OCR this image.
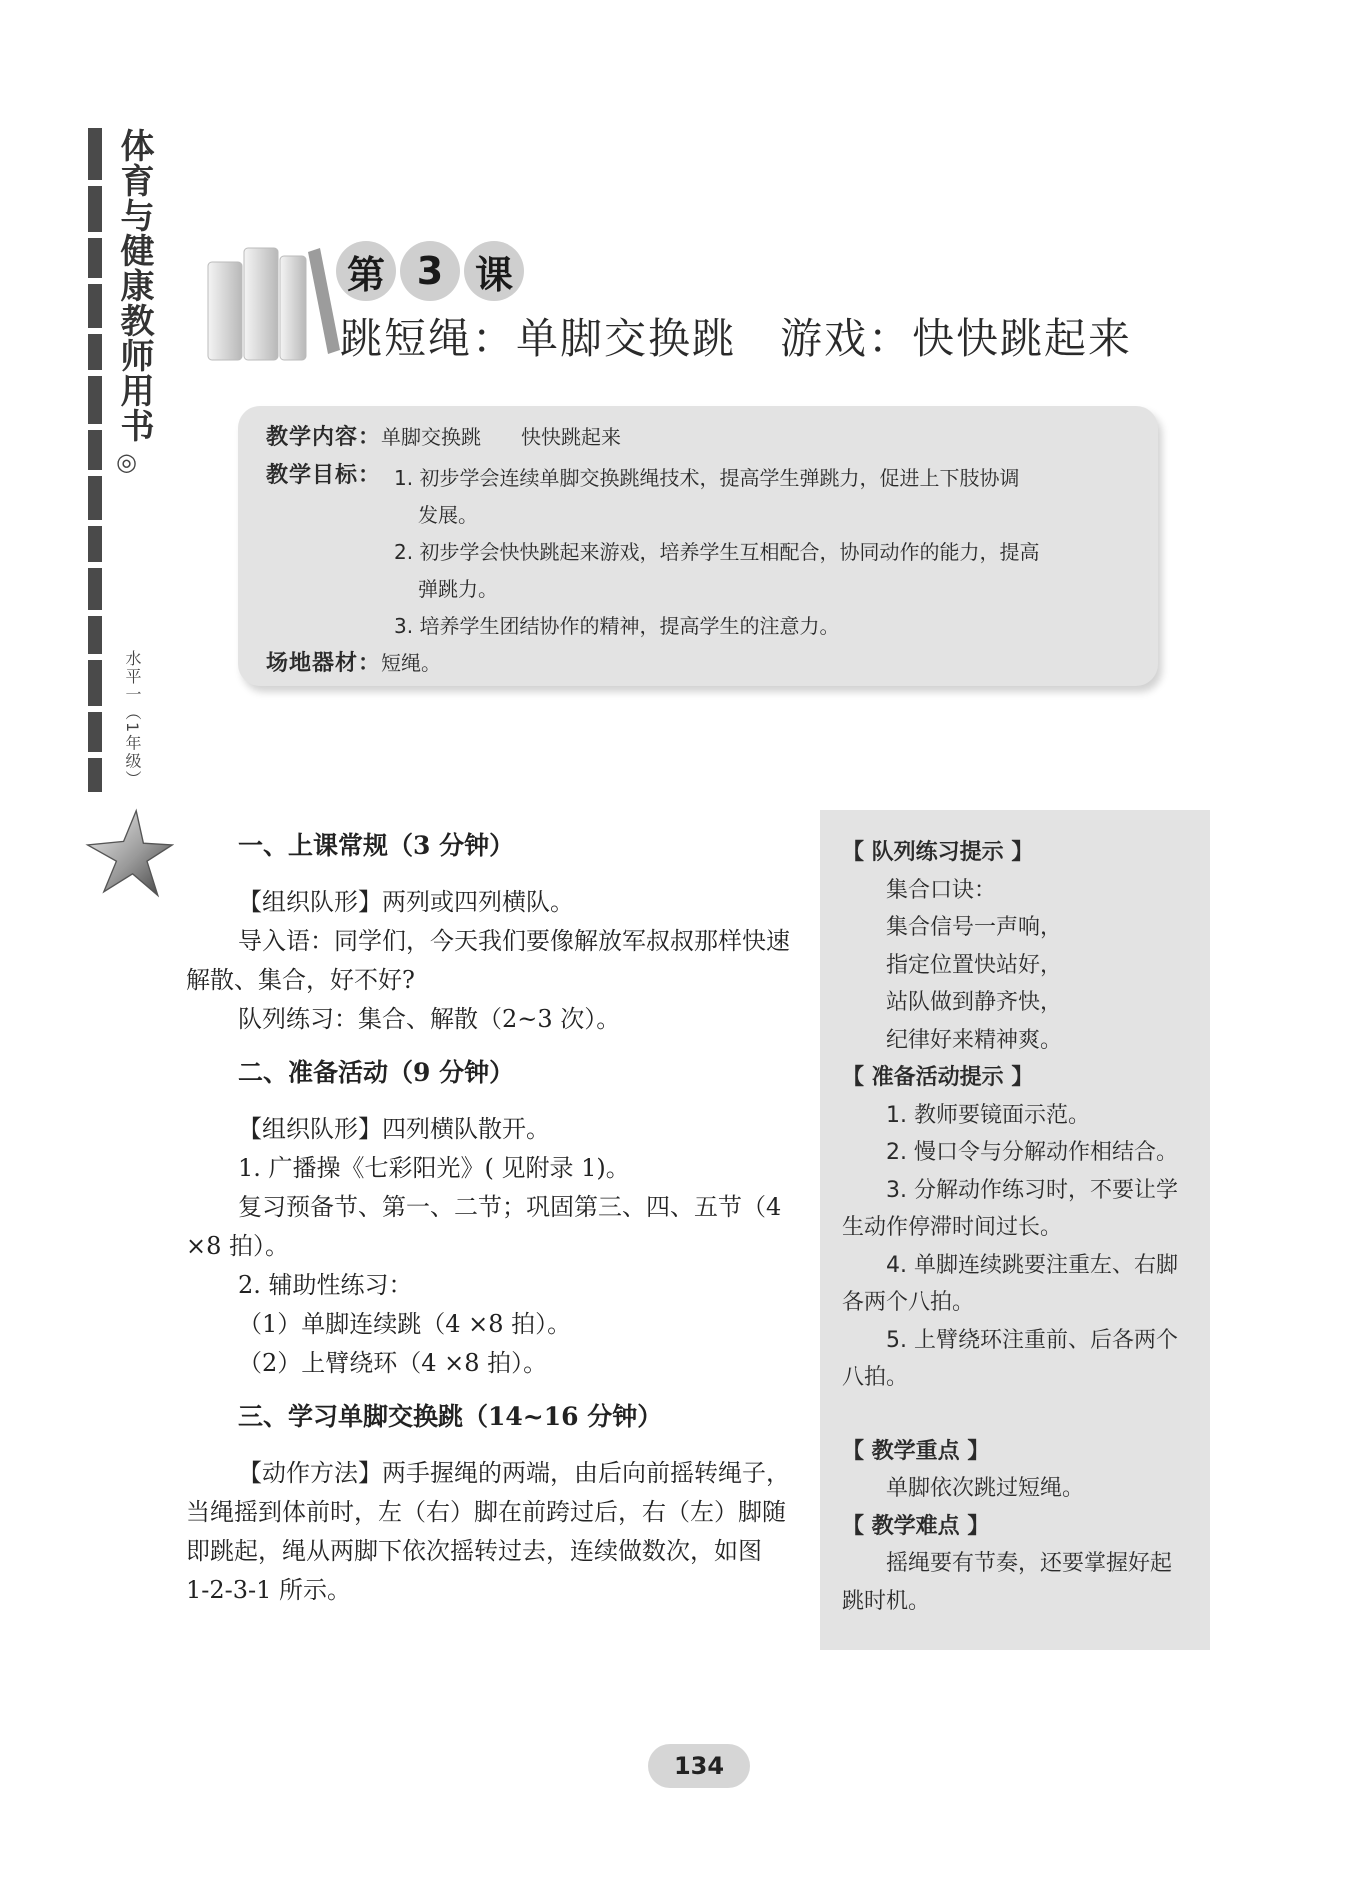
体育与健康教师用书
◎
水平一（1年级）
第 3 课
跳短绳：单脚交换跳　游戏：快快跳起来
教学内容：单脚交换跳　　快快跳起来
教学目标： 1. 初步学会连续单脚交换跳绳技术，提高学生弹跳力，促进上下肢协调
发展。
2. 初步学会快快跳起来游戏，培养学生互相配合，协同动作的能力，提高
弹跳力。
3. 培养学生团结协作的精神，提高学生的注意力。
场地器材：短绳。

一、上课常规（3 分钟）

【组织队形】两列或四列横队。

导入语：同学们，今天我们要像解放军叔叔那样快速解散、集合，好不好?

队列练习：集合、解散（2~3 次）。

二、准备活动（9 分钟）

【组织队形】四列横队散开。

1. 广播操《七彩阳光》( 见附录 1)。

复习预备节、第一、二节；巩固第三、四、五节（4 ×8 拍）。

2. 辅助性练习：

（1）单脚连续跳（4 ×8 拍）。

（2）上臂绕环（4 ×8 拍）。

三、学习单脚交换跳（14~16 分钟）

【动作方法】两手握绳的两端，由后向前摇转绳子，当绳摇到体前时，左（右）脚在前跨过后，右（左）脚随即跳起，绳从两脚下依次摇转过去，连续做数次，如图 1-2-3-1 所示。

【 队列练习提示 】

集合口诀：

集合信号一声响，

指定位置快站好，

站队做到静齐快，

纪律好来精神爽。

【 准备活动提示 】

1. 教师要镜面示范。

2. 慢口令与分解动作相结合。

3. 分解动作练习时，不要让学生动作停滞时间过长。

4. 单脚连续跳要注重左、右脚各两个八拍。

5. 上臂绕环注重前、后各两个八拍。

【 教学重点 】

单脚依次跳过短绳。

【 教学难点 】

摇绳要有节奏，还要掌握好起跳时机。

134
